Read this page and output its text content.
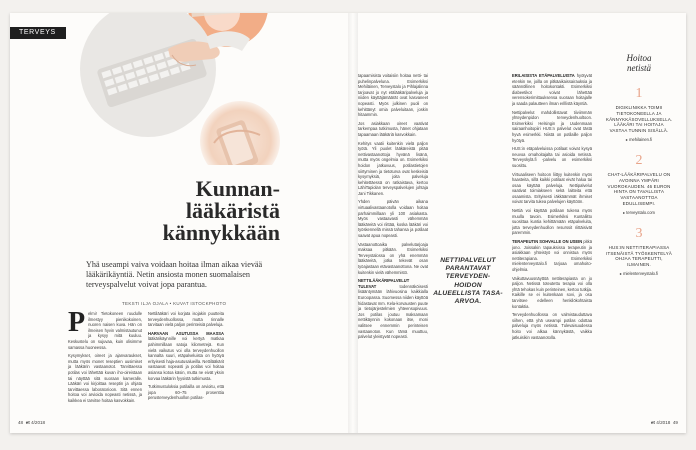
TERVEYS
Kunnan-
lääkäristä
kännykkään
Yhä useampi vaiva voidaan hoitaa ilman aikaa vievää lääkärikäyntiä. Netin ansiosta monen suomalaisen terveyspalvelut voivat jopa parantua.
TEKSTI ILJA OJALA • KUVAT ISTOCKPHOTO

Pelmi! Tietokoneen ruudulle ilmestyy pienikokoinen, nuoren naisen kuva. Hän on ilmeisen hyvin valmistautunut ja kysyy mitä kuuluu. Keskustelu on sujuvaa, kuin olisimme samassa huoneessa.

Kysymykset, oireet ja ajanvaraukset, mutta myös monet reseptien uusimiset ja lääkärin vastaanotot. Tarvittaessa potilas voi lähettää kuvan iho-oireistaan tai näyttää sitä suoraan kameralle. Lääkäri voi kirjoittaa reseptin ja ohjata tarvittaessa laboratorioon. Sitä ennen hoitoa voi arvioida nopeasti netissä, ja kaikkea ei tarvitse hoitaa kasvokkain.

Nettilääkäri voi korjata isojakin puutteita terveydenhuollossa, mutta rinnalle tarvitaan vielä paljon perinteisiä palveluja.

HARVAAN ASUTUSSA MAASSA lääkärikäynnille voi kertyä matkaa pahimmillaan satoja kilometrejä. Kun vielä vaikutus voi olla terveydenhuollon kannalta suuri, etäpalveluista on hyötyä erityisesti haja-asutusalueilla. Nettilääkärit vastaavat nopeasti ja potilas voi hoitaa asiansa kotoa käsin, mutta ne eivät yksin korvaa lääkärin fyysistä tutkimusta.

Tutkimustuloksia potilailla on arvioitu, että jopa 60–75 prosenttia perusterveydenhuollon potilas-

tapaamisista voitaisiin hoitaa netti- tai puhelinpalveluna. Esimerkiksi Mehiläinen, Terveystalo ja Pihlajalinna tarjoavat jo nyt etälääkäripalveluja ja niiden käyttäjämäärät ovat kasvaneet nopeasti. Myös julkinen puoli on kehittänyt omia palveluitaan, joskin hitaammin.

Jos asiakkaan oireet vaativat tarkempaa tutkimusta, hänet ohjataan tapaamaan lääkäriä kasvokkain.

Kehitys vaatii kuitenkin vielä paljon työtä. Yli puolet lääkäreistä pitää nettivastaanottoja hyvänä lisänä, mutta myös ongelmia on. Esimerkiksi hoidon jatkuvuus, potilastietojen siirtyminen ja tietoturva ovat keskeisiä kysymyksiä, joita palveluja kehitettäessä on ratkaistava, kertoo LähiTapiolan terveyspalvelujen johtaja Jani Tikkanen.

Yhden päivän aikana virtuaalivastaanotolla voidaan hoitaa parhaimmillaan yli 100 asiakasta. Myös vastaavasti vähemmän lääkäreitä voi riittää, koska lääkäri voi työskennellä missä tahansa ja potilaat saavat apua nopeasti.

Vastaanottoaika palvelutarjoaja maksaa pitkään. Esimerkiksi Terveystalossa on yhä enemmän lääkäreitä, jotka tekevät osan työajastaan etävastaanottona. Ne ovat kuitenkin vielä vähemmistö.

NETTILÄÄKÄRIPALVELUT TULEVAT	todennäköisesti lisääntymään lähivuosina kaikkialla Euroopassa. Suomessa niiden käyttöä hidastavat mm. Kela-korvausten puute ja tietojärjestelmien yhteensopivuus. Jos potilas joutuu maksamaan nettikäynnin kokonaan itse, moni valitsee ennemmin perinteisen vastaanoton. Kun tämä muuttuu, palvelut yleistyvät nopeasti.

ERILAISISTA ETÄPALVELUISTA hyötyvät etenkin ne, joilla on pitkäaikaissairauksia ja säännöllinen hoitokontakti. Esimerkiksi diabeetikot voivat lähettää verensokerimittauksensa suoraan hoitajalle ja saada palautteen ilman erillistä käyntiä.

Nettipalvelut mahdollistavat tiiviimmän yhteydenpidon terveydenhuoltoon. Esimerkiksi Helsingin ja Uudenmaan sairaanhoitopiiri HUS:n palvelut ovat tästä hyvä esimerkki. Niistä on potilaille paljon hyötyä.

HUS:in etäpalveluissa potilaat voivat kysyä neuvoa omahoitajalta tai asioida netissä. Terveyskylä.fi -palvelu on esimerkiksi suosittu.

Virtuaaliseen hoitoon liittyy kuitenkin myös haasteita, sillä kaikki potilaat eivät halua tai osaa käyttää palveluja. Nettipalvelut vaativat toimiakseen sekä laitteita että osaamista. Erityisesti iäkkäämmät ihmiset voivat tarvita tukea palvelujen käyttöön.

Nettiä voi käyttää potilaan tukena myös muulla tavoin. Esimerkiksi Kuntaliitto suosittaa kuntia kehittämään etäpalveluita, jotta terveydenhuollon resurssit riittäisivät paremmin.

TERAPEUTIN SOHVALLE ON USEIN pitkä jono. Joissakin tapauksissa terapeutin ja asiakkaan yhteistyö voi onnistua myös nettiterapiana. Esimerkiksi mielenterveystalo.fi tarjoaa omahoito-ohjelmia.

Vaikuttavuusnäyttöä nettiterapiasta on jo paljon. Netissä toteutettu terapia voi olla yhtä tehokas kuin perinteinen, kertoo tutkija. Kaikille se ei kuitenkaan sovi, ja osa tarvitsee edelleen henkilökohtaista kontaktia.

Terveydenhuollossa on valmistauduttava siihen, että yhä useampi potilas odottaa palveluja myös netissä. Tulevaisuudessa hoito voi alkaa kännykästä, vaikka jatkuisikin vastaanotolla.

NETTIPALVELUT PARANTAVAT TERVEYDEN-HOIDON ALUEELLISTA TASA-ARVOA.
Hoitoa
netistä
1
DIGIKLINIKKA TOIMII TIETOKONEELLA JA KÄNNYKKÄSOVELLUKSELLA. LÄÄKÄRI TAI HOITAJA VASTAA TUNNIN SISÄLLÄ.
▸ mehilainen.fi
2
CHAT-LÄÄKÄRIPALVELU ON AVOINNA YMPÄRI VUOROKAUDEN. 46 EURON HINTA ON TAVALLISTA VASTAANOTTOA EDULLISEMPI.
▸ terveystalo.com
3
HUS:IN NETTITERAPIASSA ITSENÄISTÄ TYÖSKENTELYÄ OHJAA TERAPEUTTI, ILMAINEN.
▸ mielenterveystalo.fi
48 et 4/2018	et 4/2018 49
